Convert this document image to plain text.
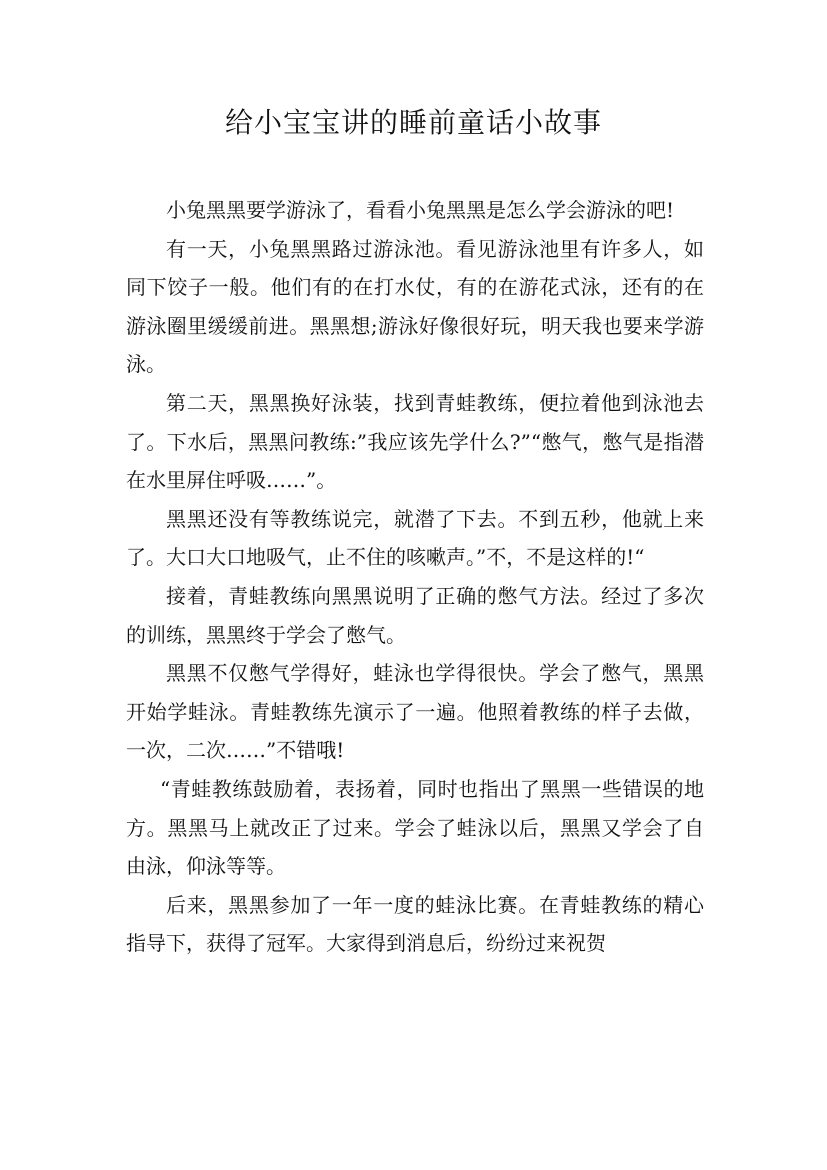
给小宝宝讲的睡前童话小故事

小兔黑黑要学游泳了，看看小兔黑黑是怎么学会游泳的吧!

有一天，小兔黑黑路过游泳池。看见游泳池里有许多人，如同下饺子一般。他们有的在打水仗，有的在游花式泳，还有的在游泳圈里缓缓前进。黑黑想;游泳好像很好玩，明天我也要来学游泳。

第二天，黑黑换好泳装，找到青蛙教练，便拉着他到泳池去了。下水后，黑黑问教练:”我应该先学什么?”“憋气，憋气是指潜在水里屏住呼吸……”。

黑黑还没有等教练说完，就潜了下去。不到五秒，他就上来了。大口大口地吸气，止不住的咳嗽声。”不，不是这样的!“

接着，青蛙教练向黑黑说明了正确的憋气方法。经过了多次的训练，黑黑终于学会了憋气。

黑黑不仅憋气学得好，蛙泳也学得很快。学会了憋气，黑黑开始学蛙泳。青蛙教练先演示了一遍。他照着教练的样子去做，一次，二次……”不错哦!

“青蛙教练鼓励着，表扬着，同时也指出了黑黑一些错误的地方。黑黑马上就改正了过来。学会了蛙泳以后，黑黑又学会了自由泳，仰泳等等。

后来，黑黑参加了一年一度的蛙泳比赛。在青蛙教练的精心指导下，获得了冠军。大家得到消息后，纷纷过来祝贺
